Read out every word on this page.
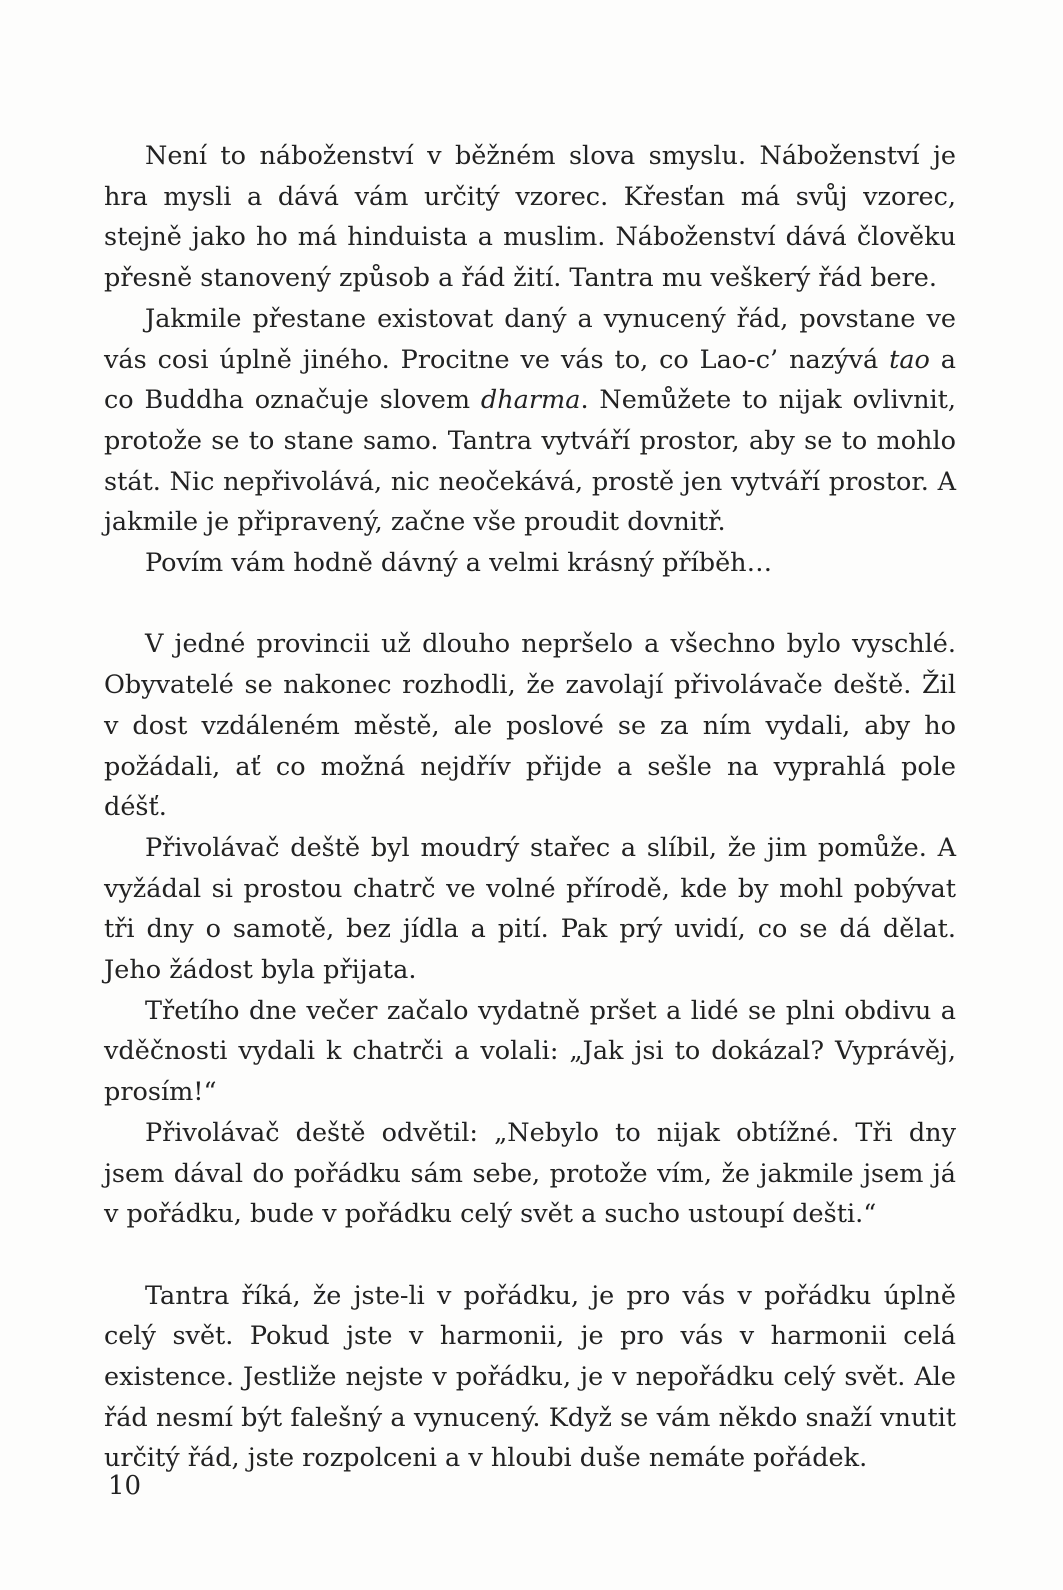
Není to náboženství v běžném slova smyslu. Náboženství je hra mysli a dává vám určitý vzorec. Křesťan má svůj vzorec, stejně jako ho má hinduista a muslim. Náboženství dává člověku přesně stanovený způsob a řád žití. Tantra mu veškerý řád bere.

Jakmile přestane existovat daný a vynucený řád, povstane ve vás cosi úplně jiného. Procitne ve vás to, co Lao-c’ nazývá tao a co Buddha označuje slovem dharma. Nemůžete to nijak ovlivnit, protože se to stane samo. Tantra vytváří prostor, aby se to mohlo stát. Nic nepřivolává, nic neočekává, prostě jen vytváří prostor. A jakmile je připravený, začne vše proudit dovnitř.

Povím vám hodně dávný a velmi krásný příběh…

V jedné provincii už dlouho nepršelo a všechno bylo vyschlé. Obyvatelé se nakonec rozhodli, že zavolají přivolávače deště. Žil v dost vzdáleném městě, ale poslové se za ním vydali, aby ho požádali, ať co možná nejdřív přijde a sešle na vyprahlá pole déšť.

Přivolávač deště byl moudrý stařec a slíbil, že jim pomůže. A vyžádal si prostou chatrč ve volné přírodě, kde by mohl pobývat tři dny o samotě, bez jídla a pití. Pak prý uvidí, co se dá dělat. Jeho žádost byla přijata.

Třetího dne večer začalo vydatně pršet a lidé se plni obdivu a vděčnosti vydali k chatrči a volali: „Jak jsi to dokázal? Vyprávěj, prosím!“

Přivolávač deště odvětil: „Nebylo to nijak obtížné. Tři dny jsem dával do pořádku sám sebe, protože vím, že jakmile jsem já v pořádku, bude v pořádku celý svět a sucho ustoupí dešti.“

Tantra říká, že jste-li v pořádku, je pro vás v pořádku úplně celý svět. Pokud jste v harmonii, je pro vás v harmonii celá existence. Jestliže nejste v pořádku, je v nepořádku celý svět. Ale řád nesmí být falešný a vynucený. Když se vám někdo snaží vnutit určitý řád, jste rozpolceni a v hloubi duše nemáte pořádek.

10
